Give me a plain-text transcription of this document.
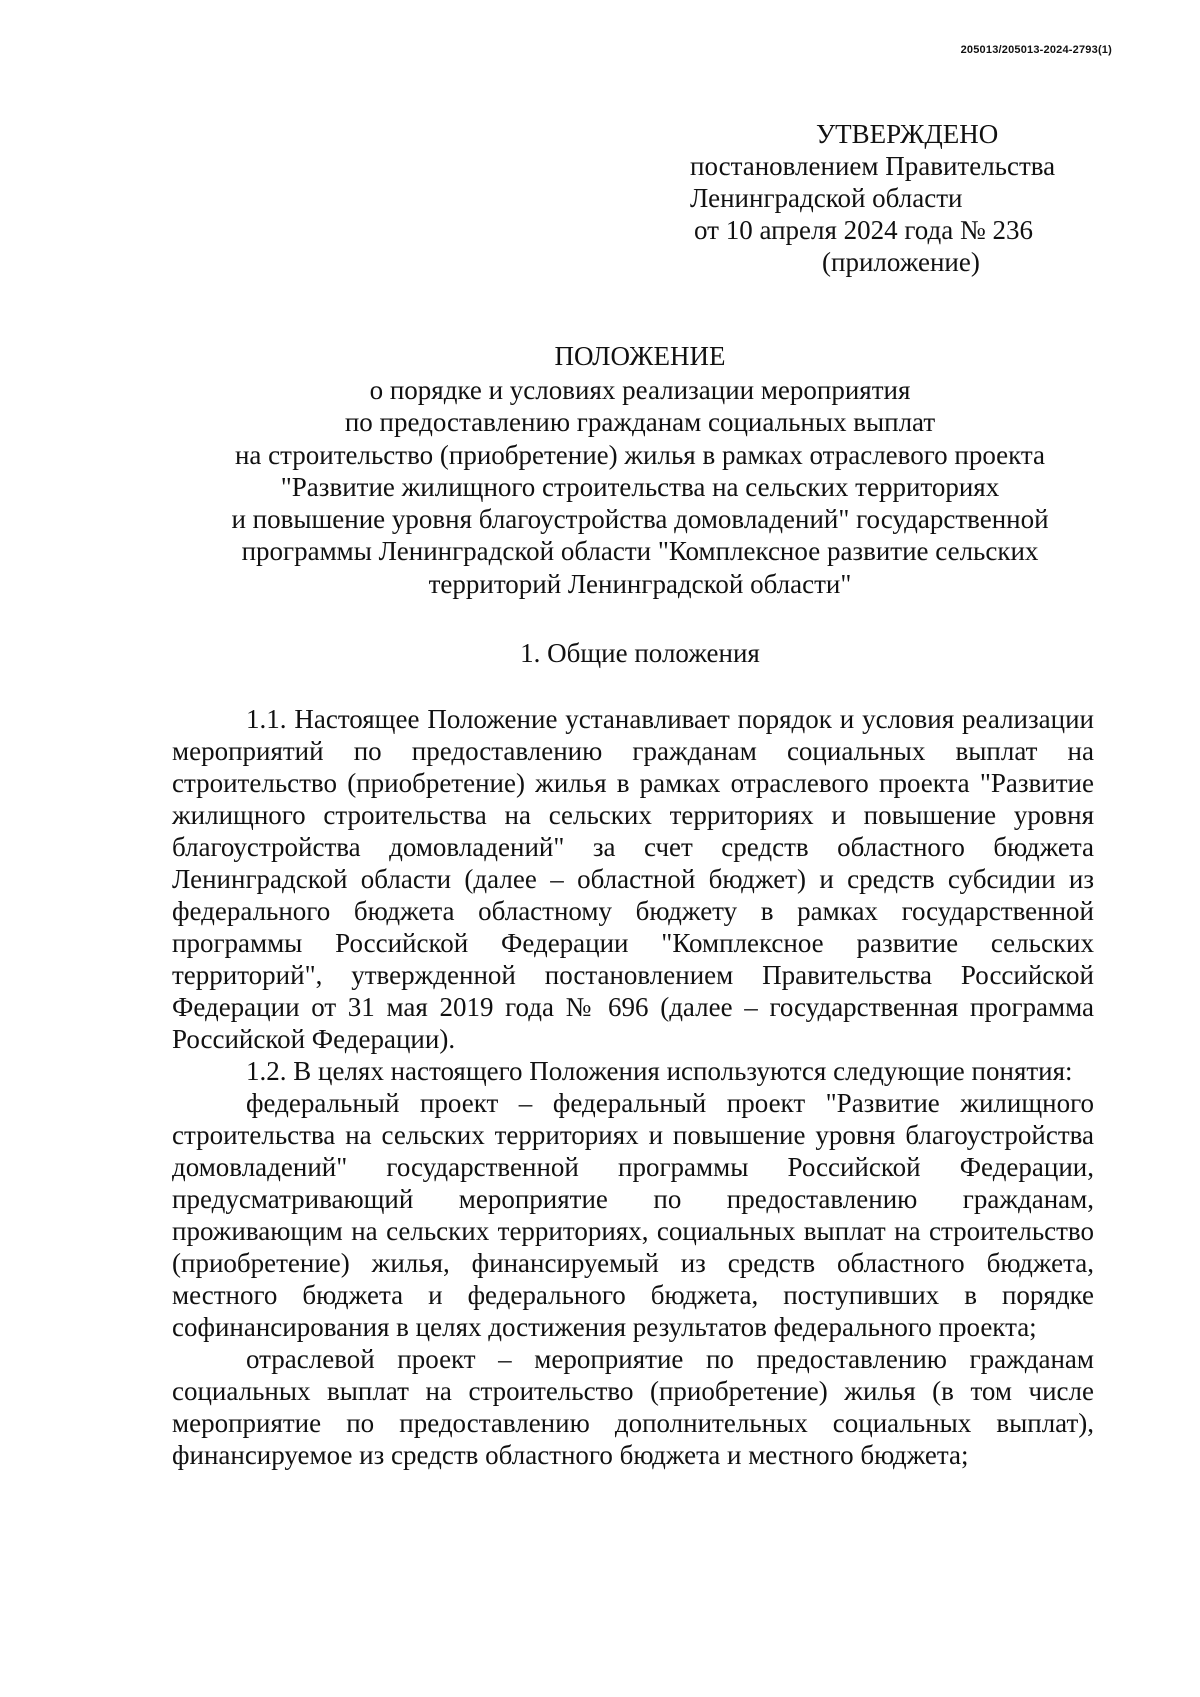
205013/205013-2024-2793(1)
УТВЕРЖДЕНО
постановлением Правительства
Ленинградской области
от 10 апреля 2024 года № 236
(приложение)
ПОЛОЖЕНИЕ
о порядке и условиях реализации мероприятия
по предоставлению гражданам социальных выплат
на строительство (приобретение) жилья в рамках отраслевого проекта
"Развитие жилищного строительства на сельских территориях
и повышение уровня благоустройства домовладений" государственной
программы Ленинградской области "Комплексное развитие сельских
территорий Ленинградской области"
1. Общие положения

1.1. Настоящее Положение устанавливает порядок и условия реализации мероприятий по предоставлению гражданам социальных выплат на строительство (приобретение) жилья в рамках отраслевого проекта "Развитие жилищного строительства на сельских территориях и повышение уровня благоустройства домовладений" за счет средств областного бюджета Ленинградской области (далее – областной бюджет) и средств субсидии из федерального бюджета областному бюджету в рамках государственной программы Российской Федерации "Комплексное развитие сельских территорий", утвержденной постановлением Правительства Российской Федерации от 31 мая 2019 года № 696 (далее – государственная программа Российской Федерации).

1.2. В целях настоящего Положения используются следующие понятия:

федеральный проект – федеральный проект "Развитие жилищного строительства на сельских территориях и повышение уровня благоустройства домовладений" государственной программы Российской Федерации, предусматривающий мероприятие по предоставлению гражданам, проживающим на сельских территориях, социальных выплат на строительство (приобретение) жилья, финансируемый из средств областного бюджета, местного бюджета и федерального бюджета, поступивших в порядке софинансирования в целях достижения результатов федерального проекта;

отраслевой проект – мероприятие по предоставлению гражданам социальных выплат на строительство (приобретение) жилья (в том числе мероприятие по предоставлению дополнительных социальных выплат), финансируемое из средств областного бюджета и местного бюджета;
